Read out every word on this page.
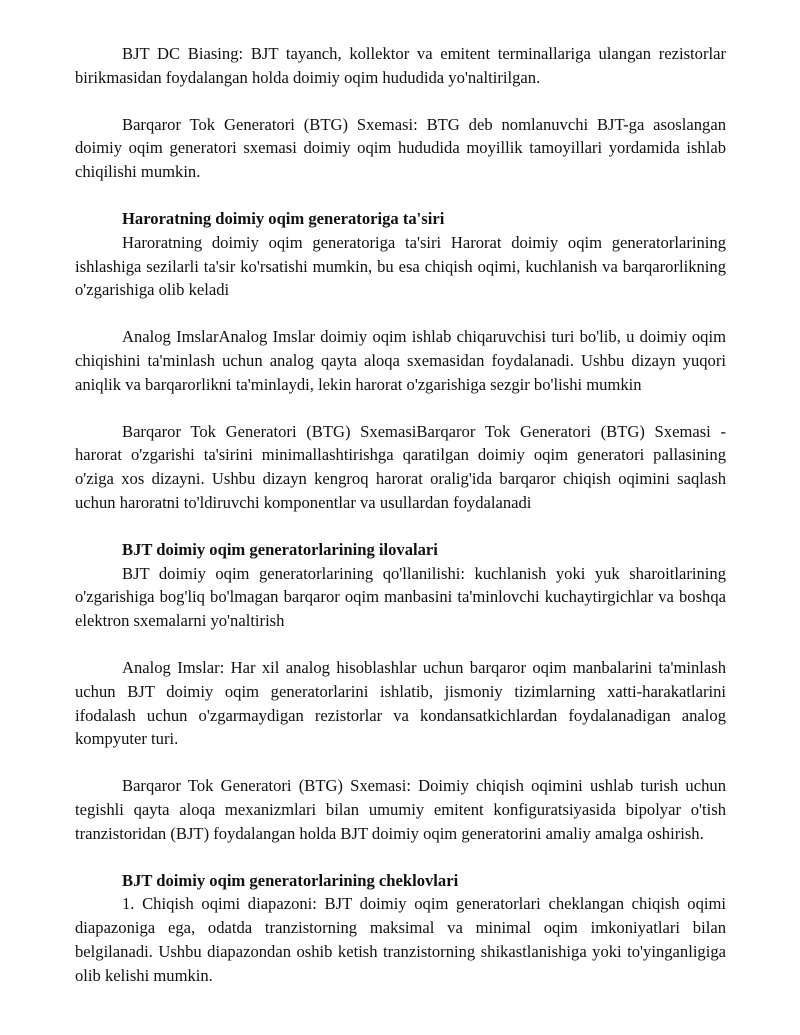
BJT DC Biasing: BJT tayanch, kollektor va emitent terminallariga ulangan rezistorlar birikmasidan foydalangan holda doimiy oqim hududida yo'naltirilgan.

Barqaror Tok Generatori (BTG) Sxemasi: BTG deb nomlanuvchi BJT-ga asoslangan doimiy oqim generatori sxemasi doimiy oqim hududida moyillik tamoyillari yordamida ishlab chiqilishi mumkin.

Haroratning doimiy oqim generatoriga ta'siri

Haroratning doimiy oqim generatoriga ta'siri Harorat doimiy oqim generatorlarining ishlashiga sezilarli ta'sir ko'rsatishi mumkin, bu esa chiqish oqimi, kuchlanish va barqarorlikning o'zgarishiga olib keladi

Analog ImslarAnalog Imslar doimiy oqim ishlab chiqaruvchisi turi bo'lib, u doimiy oqim chiqishini ta'minlash uchun analog qayta aloqa sxemasidan foydalanadi. Ushbu dizayn yuqori aniqlik va barqarorlikni ta'minlaydi, lekin harorat o'zgarishiga sezgir bo'lishi mumkin

Barqaror Tok Generatori (BTG) SxemasiBarqaror Tok Generatori (BTG) Sxemasi - harorat o'zgarishi ta'sirini minimallashtirishga qaratilgan doimiy oqim generatori pallasining o'ziga xos dizayni. Ushbu dizayn kengroq harorat oralig'ida barqaror chiqish oqimini saqlash uchun haroratni to'ldiruvchi komponentlar va usullardan foydalanadi

BJT doimiy oqim generatorlarining ilovalari

BJT doimiy oqim generatorlarining qo'llanilishi: kuchlanish yoki yuk sharoitlarining o'zgarishiga bog'liq bo'lmagan barqaror oqim manbasini ta'minlovchi kuchaytirgichlar va boshqa elektron sxemalarni yo'naltirish

Analog Imslar: Har xil analog hisoblashlar uchun barqaror oqim manbalarini ta'minlash uchun BJT doimiy oqim generatorlarini ishlatib, jismoniy tizimlarning xatti-harakatlarini ifodalash uchun o'zgarmaydigan rezistorlar va kondansatkichlardan foydalanadigan analog kompyuter turi.

Barqaror Tok Generatori (BTG) Sxemasi: Doimiy chiqish oqimini ushlab turish uchun tegishli qayta aloqa mexanizmlari bilan umumiy emitent konfiguratsiyasida bipolyar o'tish tranzistoridan (BJT) foydalangan holda BJT doimiy oqim generatorini amaliy amalga oshirish.

BJT doimiy oqim generatorlarining cheklovlari

1. Chiqish oqimi diapazoni: BJT doimiy oqim generatorlari cheklangan chiqish oqimi diapazoniga ega, odatda tranzistorning maksimal va minimal oqim imkoniyatlari bilan belgilanadi. Ushbu diapazondan oshib ketish tranzistorning shikastlanishiga yoki to'yinganligiga olib kelishi mumkin.
